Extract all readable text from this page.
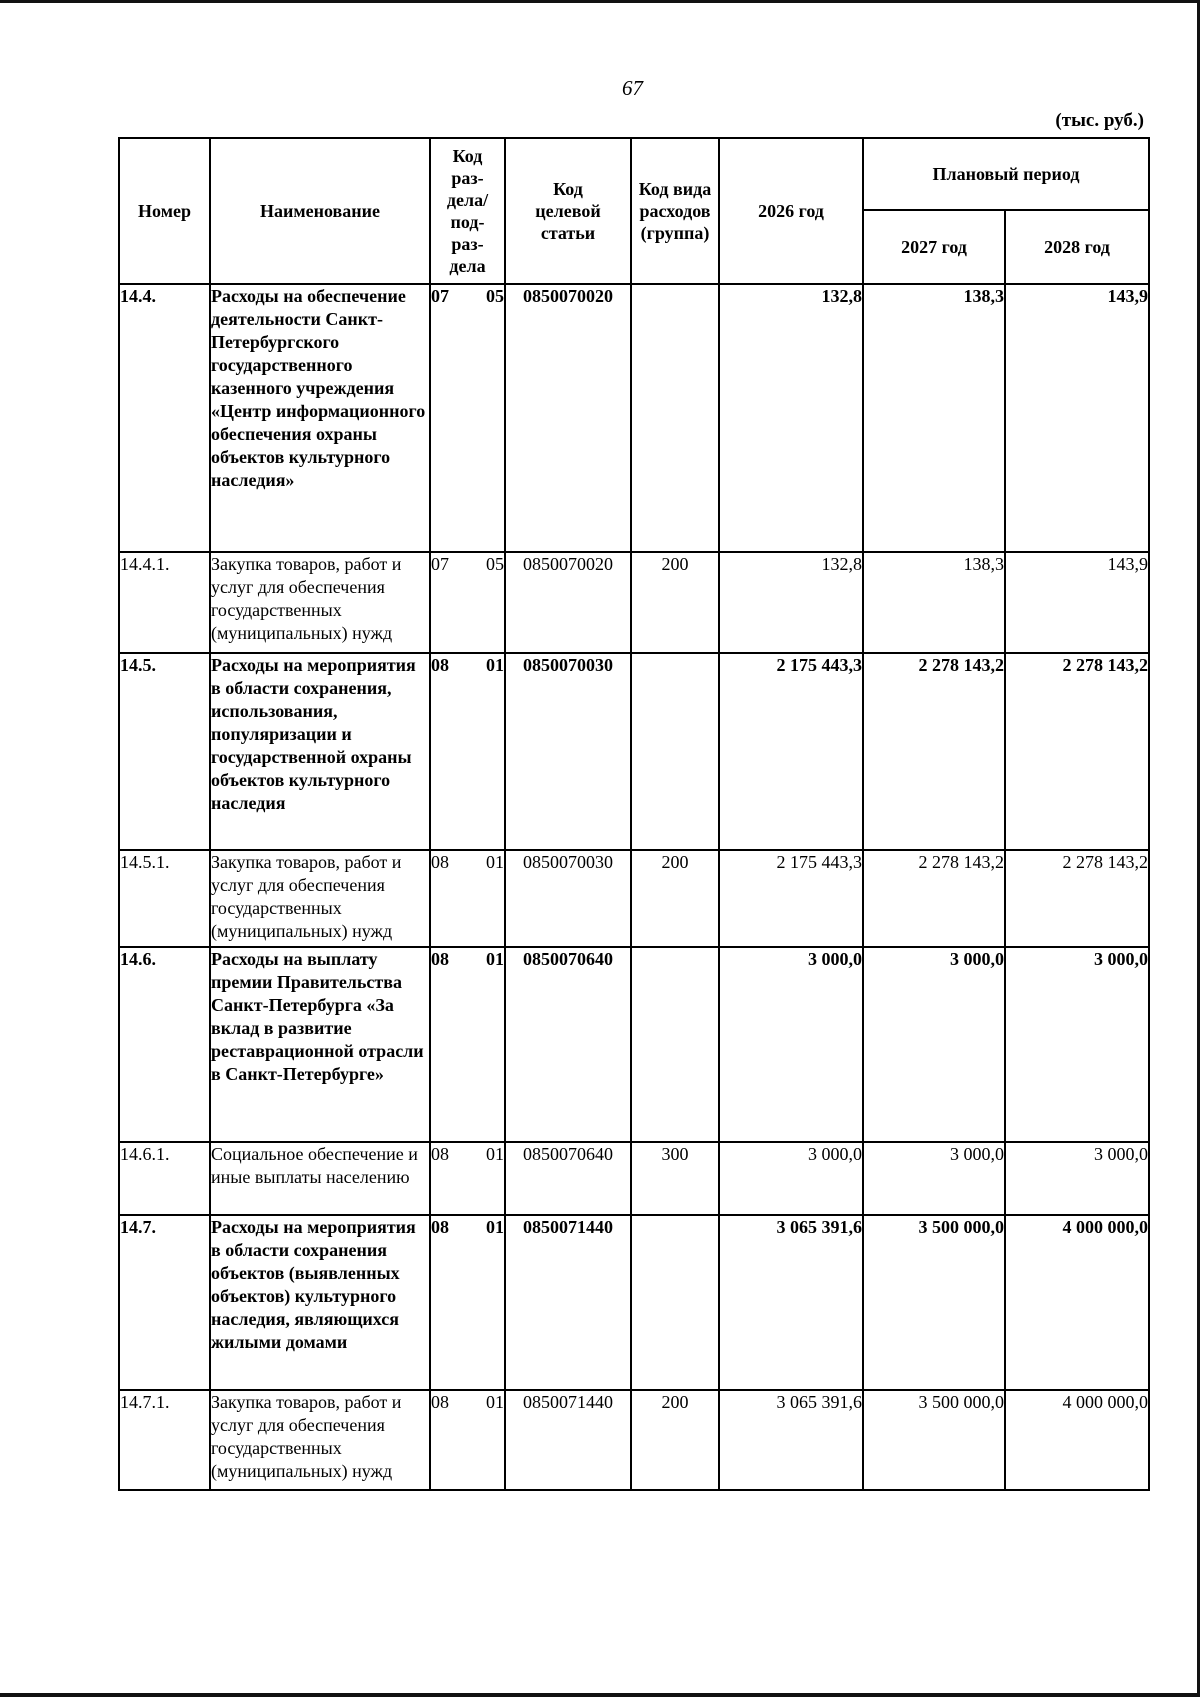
67
(тыс. руб.)
Номер	Наименование	Код раз- дела/ под- раз- дела	Код целевой статьи	Код вида расходов (группа)	2026 год	Плановый период	
						2027 год	2028 год
14.4.	Расходы на обеспечение деятельности Санкт-Петербургского государственного казенного учреждения «Центр информационного обеспечения охраны объектов культурного наследия»	07 05	0850070020		132,8	138,3	143,9
14.4.1.	Закупка товаров, работ и услуг для обеспечения государственных (муниципальных) нужд	07 05	0850070020	200	132,8	138,3	143,9
14.5.	Расходы на мероприятия в области сохранения, использования, популяризации и государственной охраны объектов культурного наследия	08 01	0850070030		2 175 443,3	2 278 143,2	2 278 143,2
14.5.1.	Закупка товаров, работ и услуг для обеспечения государственных (муниципальных) нужд	08 01	0850070030	200	2 175 443,3	2 278 143,2	2 278 143,2
14.6.	Расходы на выплату премии Правительства Санкт-Петербурга «За вклад в развитие реставрационной отрасли в Санкт-Петербурге»	08 01	0850070640		3 000,0	3 000,0	3 000,0
14.6.1.	Социальное обеспечение и иные выплаты населению	08 01	0850070640	300	3 000,0	3 000,0	3 000,0
14.7.	Расходы на мероприятия в области сохранения объектов (выявленных объектов) культурного наследия, являющихся жилыми домами	08 01	0850071440		3 065 391,6	3 500 000,0	4 000 000,0
14.7.1.	Закупка товаров, работ и услуг для обеспечения государственных (муниципальных) нужд	08 01	0850071440	200	3 065 391,6	3 500 000,0	4 000 000,0
